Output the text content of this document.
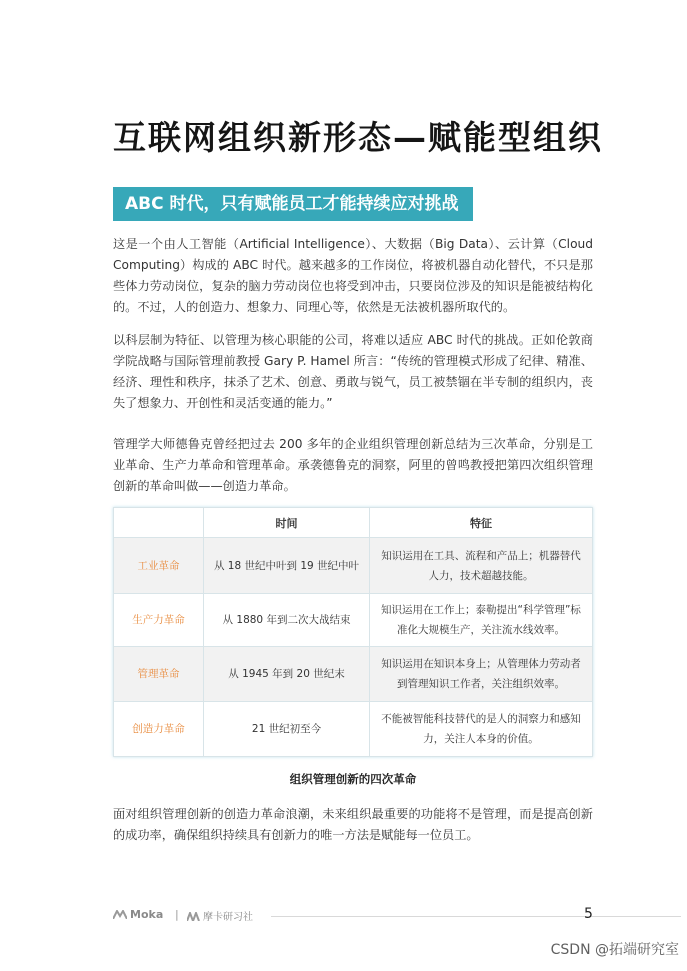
互联网组织新形态—赋能型组织
ABC 时代，只有赋能员工才能持续应对挑战

这是一个由人工智能（Artificial Intelligence）、大数据（Big Data）、云计算（Cloud Computing）构成的 ABC 时代。越来越多的工作岗位，将被机器自动化替代，不只是那些体力劳动岗位，复杂的脑力劳动岗位也将受到冲击，只要岗位涉及的知识是能被结构化的。不过，人的创造力、想象力、同理心等，依然是无法被机器所取代的。

以科层制为特征、以管理为核心职能的公司，将难以适应 ABC 时代的挑战。正如伦敦商学院战略与国际管理前教授 Gary P. Hamel 所言：“传统的管理模式形成了纪律、精准、经济、理性和秩序，抹杀了艺术、创意、勇敢与锐气，员工被禁锢在半专制的组织内，丧失了想象力、开创性和灵活变通的能力。”

管理学大师德鲁克曾经把过去 200 多年的企业组织管理创新总结为三次革命，分别是工业革命、生产力革命和管理革命。承袭德鲁克的洞察，阿里的曾鸣教授把第四次组织管理创新的革命叫做——创造力革命。

	时间	特征
工业革命	从 18 世纪中叶到 19 世纪中叶	知识运用在工具、流程和产品上；机器替代人力，技术超越技能。
生产力革命	从 1880 年到二次大战结束	知识运用在工作上；泰勒提出“科学管理”标准化大规模生产，关注流水线效率。
管理革命	从 1945 年到 20 世纪末	知识运用在知识本身上；从管理体力劳动者到管理知识工作者，关注组织效率。
创造力革命	21 世纪初至今	不能被智能科技替代的是人的洞察力和感知力，关注人本身的价值。

组织管理创新的四次革命

面对组织管理创新的创造力革命浪潮，未来组织最重要的功能将不是管理，而是提高创新的成功率，确保组织持续具有创新力的唯一方法是赋能每一位员工。

Moka |	摩卡研习社	5
CSDN @拓端研究室
